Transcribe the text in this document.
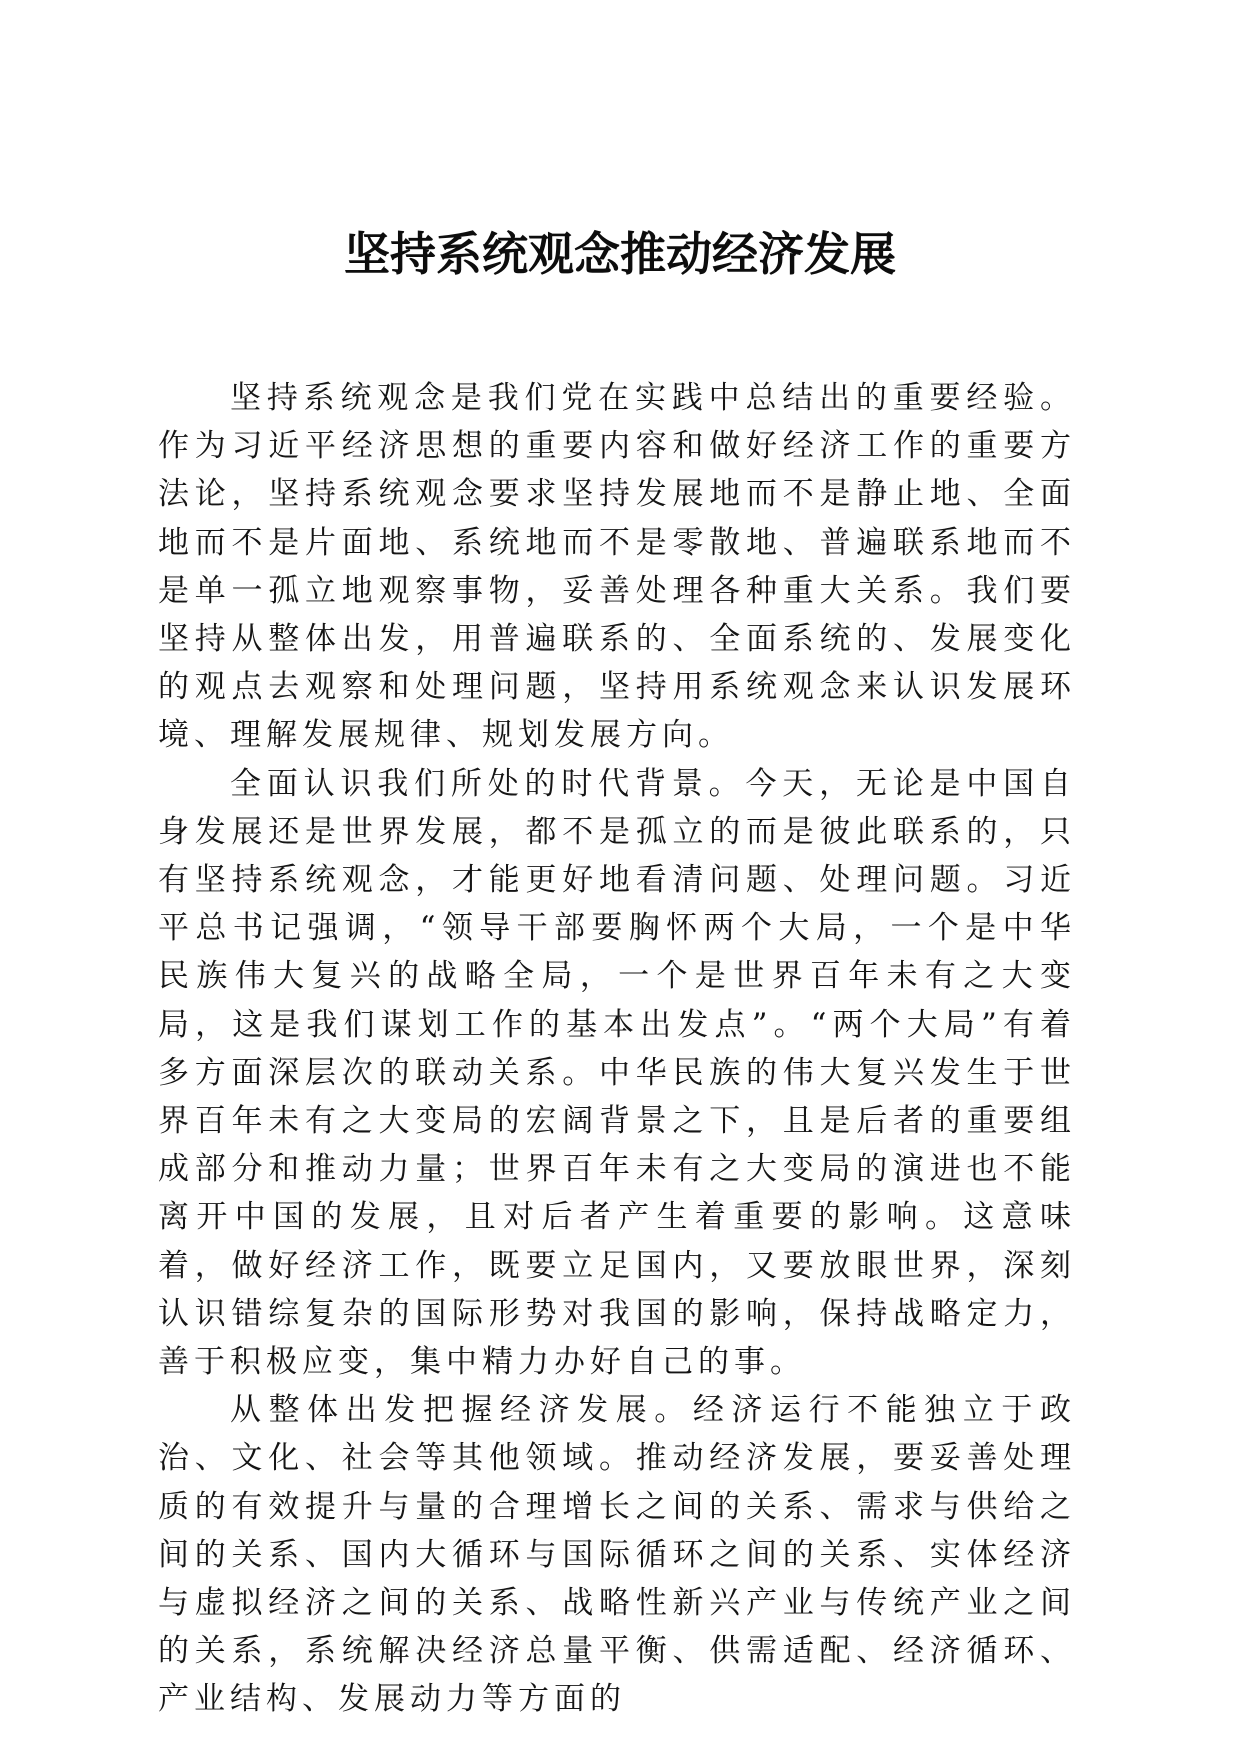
坚持系统观念推动经济发展

坚持系统观念是我们党在实践中总结出的重要经验。作为习近平经济思想的重要内容和做好经济工作的重要方法论，坚持系统观念要求坚持发展地而不是静止地、全面地而不是片面地、系统地而不是零散地、普遍联系地而不是单一孤立地观察事物，妥善处理各种重大关系。我们要坚持从整体出发，用普遍联系的、全面系统的、发展变化的观点去观察和处理问题，坚持用系统观念来认识发展环境、理解发展规律、规划发展方向。

全面认识我们所处的时代背景。今天，无论是中国自身发展还是世界发展，都不是孤立的而是彼此联系的，只有坚持系统观念，才能更好地看清问题、处理问题。习近平总书记强调，“领导干部要胸怀两个大局，一个是中华民族伟大复兴的战略全局，一个是世界百年未有之大变局，这是我们谋划工作的基本出发点”。“两个大局”有着多方面深层次的联动关系。中华民族的伟大复兴发生于世界百年未有之大变局的宏阔背景之下，且是后者的重要组成部分和推动力量；世界百年未有之大变局的演进也不能离开中国的发展，且对后者产生着重要的影响。这意味着，做好经济工作，既要立足国内，又要放眼世界，深刻认识错综复杂的国际形势对我国的影响，保持战略定力，善于积极应变，集中精力办好自己的事。

从整体出发把握经济发展。经济运行不能独立于政治、文化、社会等其他领域。推动经济发展，要妥善处理质的有效提升与量的合理增长之间的关系、需求与供给之间的关系、国内大循环与国际循环之间的关系、实体经济与虚拟经济之间的关系、战略性新兴产业与传统产业之间的关系，系统解决经济总量平衡、供需适配、经济循环、产业结构、发展动力等方面的
